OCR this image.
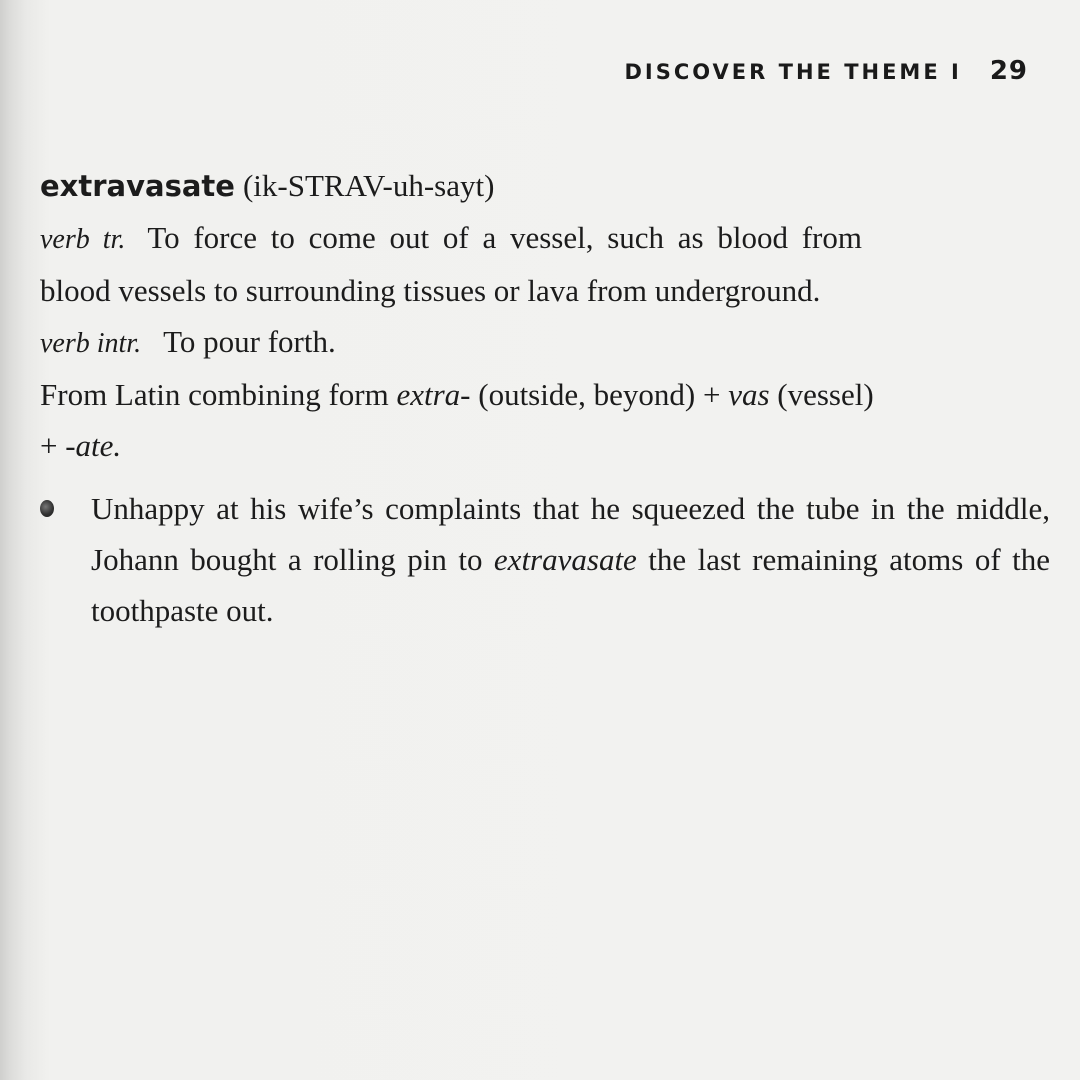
DISCOVER THE THEME I 29
extravasate (ik-STRAV-uh-sayt)
verb tr. To force to come out of a vessel, such as blood from
blood vessels to surrounding tissues or lava from underground.
verb intr. To pour forth.
From Latin combining form extra- (outside, beyond) + vas (vessel)
+ -ate.
Unhappy at his wife’s complaints that he squeezed the tube in the middle, Johann bought a rolling pin to extravasate the last remaining atoms of the toothpaste out.
